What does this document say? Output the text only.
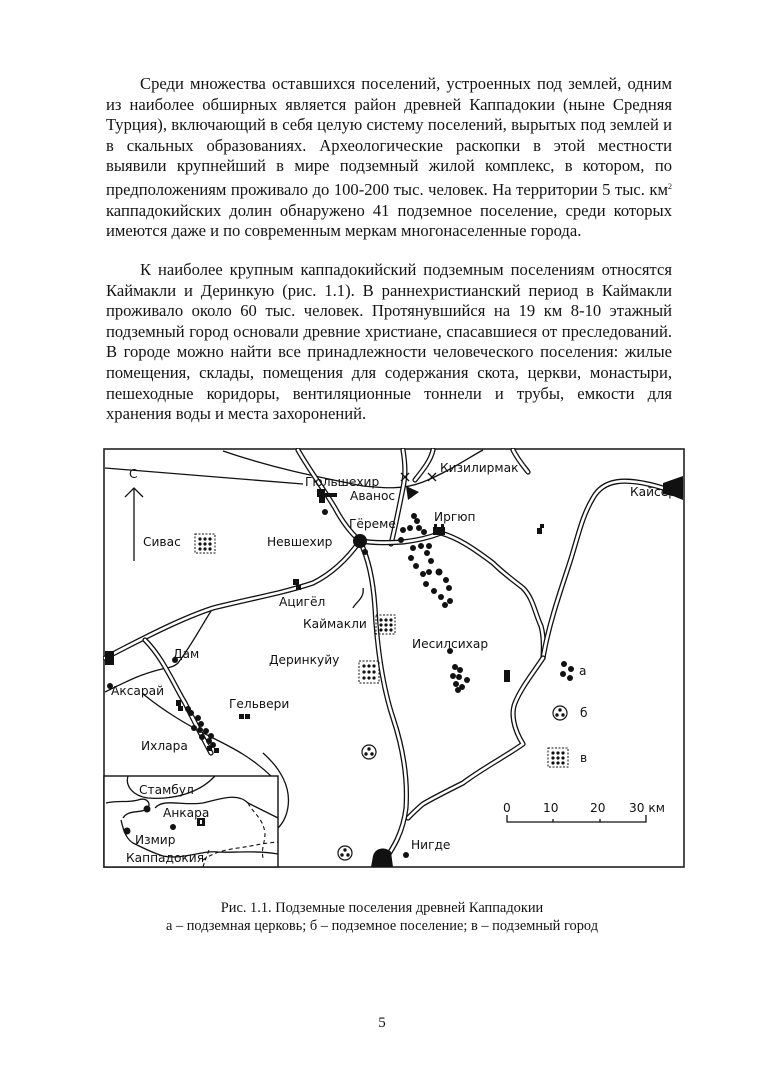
Среди множества оставшихся поселений, устроенных под землей, одним из наиболее обширных является район древней Каппадокии (ныне Средняя Турция), включающий в себя целую систему поселений, вырытых под землей и в скальных образованиях. Археологические раскопки в этой местности выявили крупнейший в мире подземный жилой комплекс, в котором, по предположениям проживало до 100-200 тыс. человек. На территории 5 тыс. $км^2$ каппадокийских долин обнаружено 41 подземное поселение, среди которых имеются даже и по современным меркам многонаселенные города.

К наиболее крупным каппадокийский подземным поселениям относятся Каймакли и Деринкую (рис. 1.1). В раннехристианский период в Каймакли проживало около 60 тыс. человек. Протянувшийся на 19 км 8-10 этажный подземный город основали древние христиане, спасавшиеся от преследований. В городе можно найти все принадлежности человеческого поселения: жилые помещения, склады, помещения для содержания скота, церкви, монастыри, пешеходные коридоры, вентиляционные тоннели и трубы, емкости для хранения воды и места захоронений.

С
Стамбул
Анкара
Измир
Каппадокия
а
б
в
0	10	20 30 км
Гюльшехир
Аванос
Кизилирмак
Кайсери
Сивас	Невшехир
Гёреме	Иргюп
Ацигёл
Каймакли
Иесилсихар
Дам	Деринкуйу
Аксарай
Гельвери
Ихлара
Нигде
Рис. 1.1. Подземные поселения древней Каппадокии
а – подземная церковь; б – подземное поселение; в – подземный город
5
